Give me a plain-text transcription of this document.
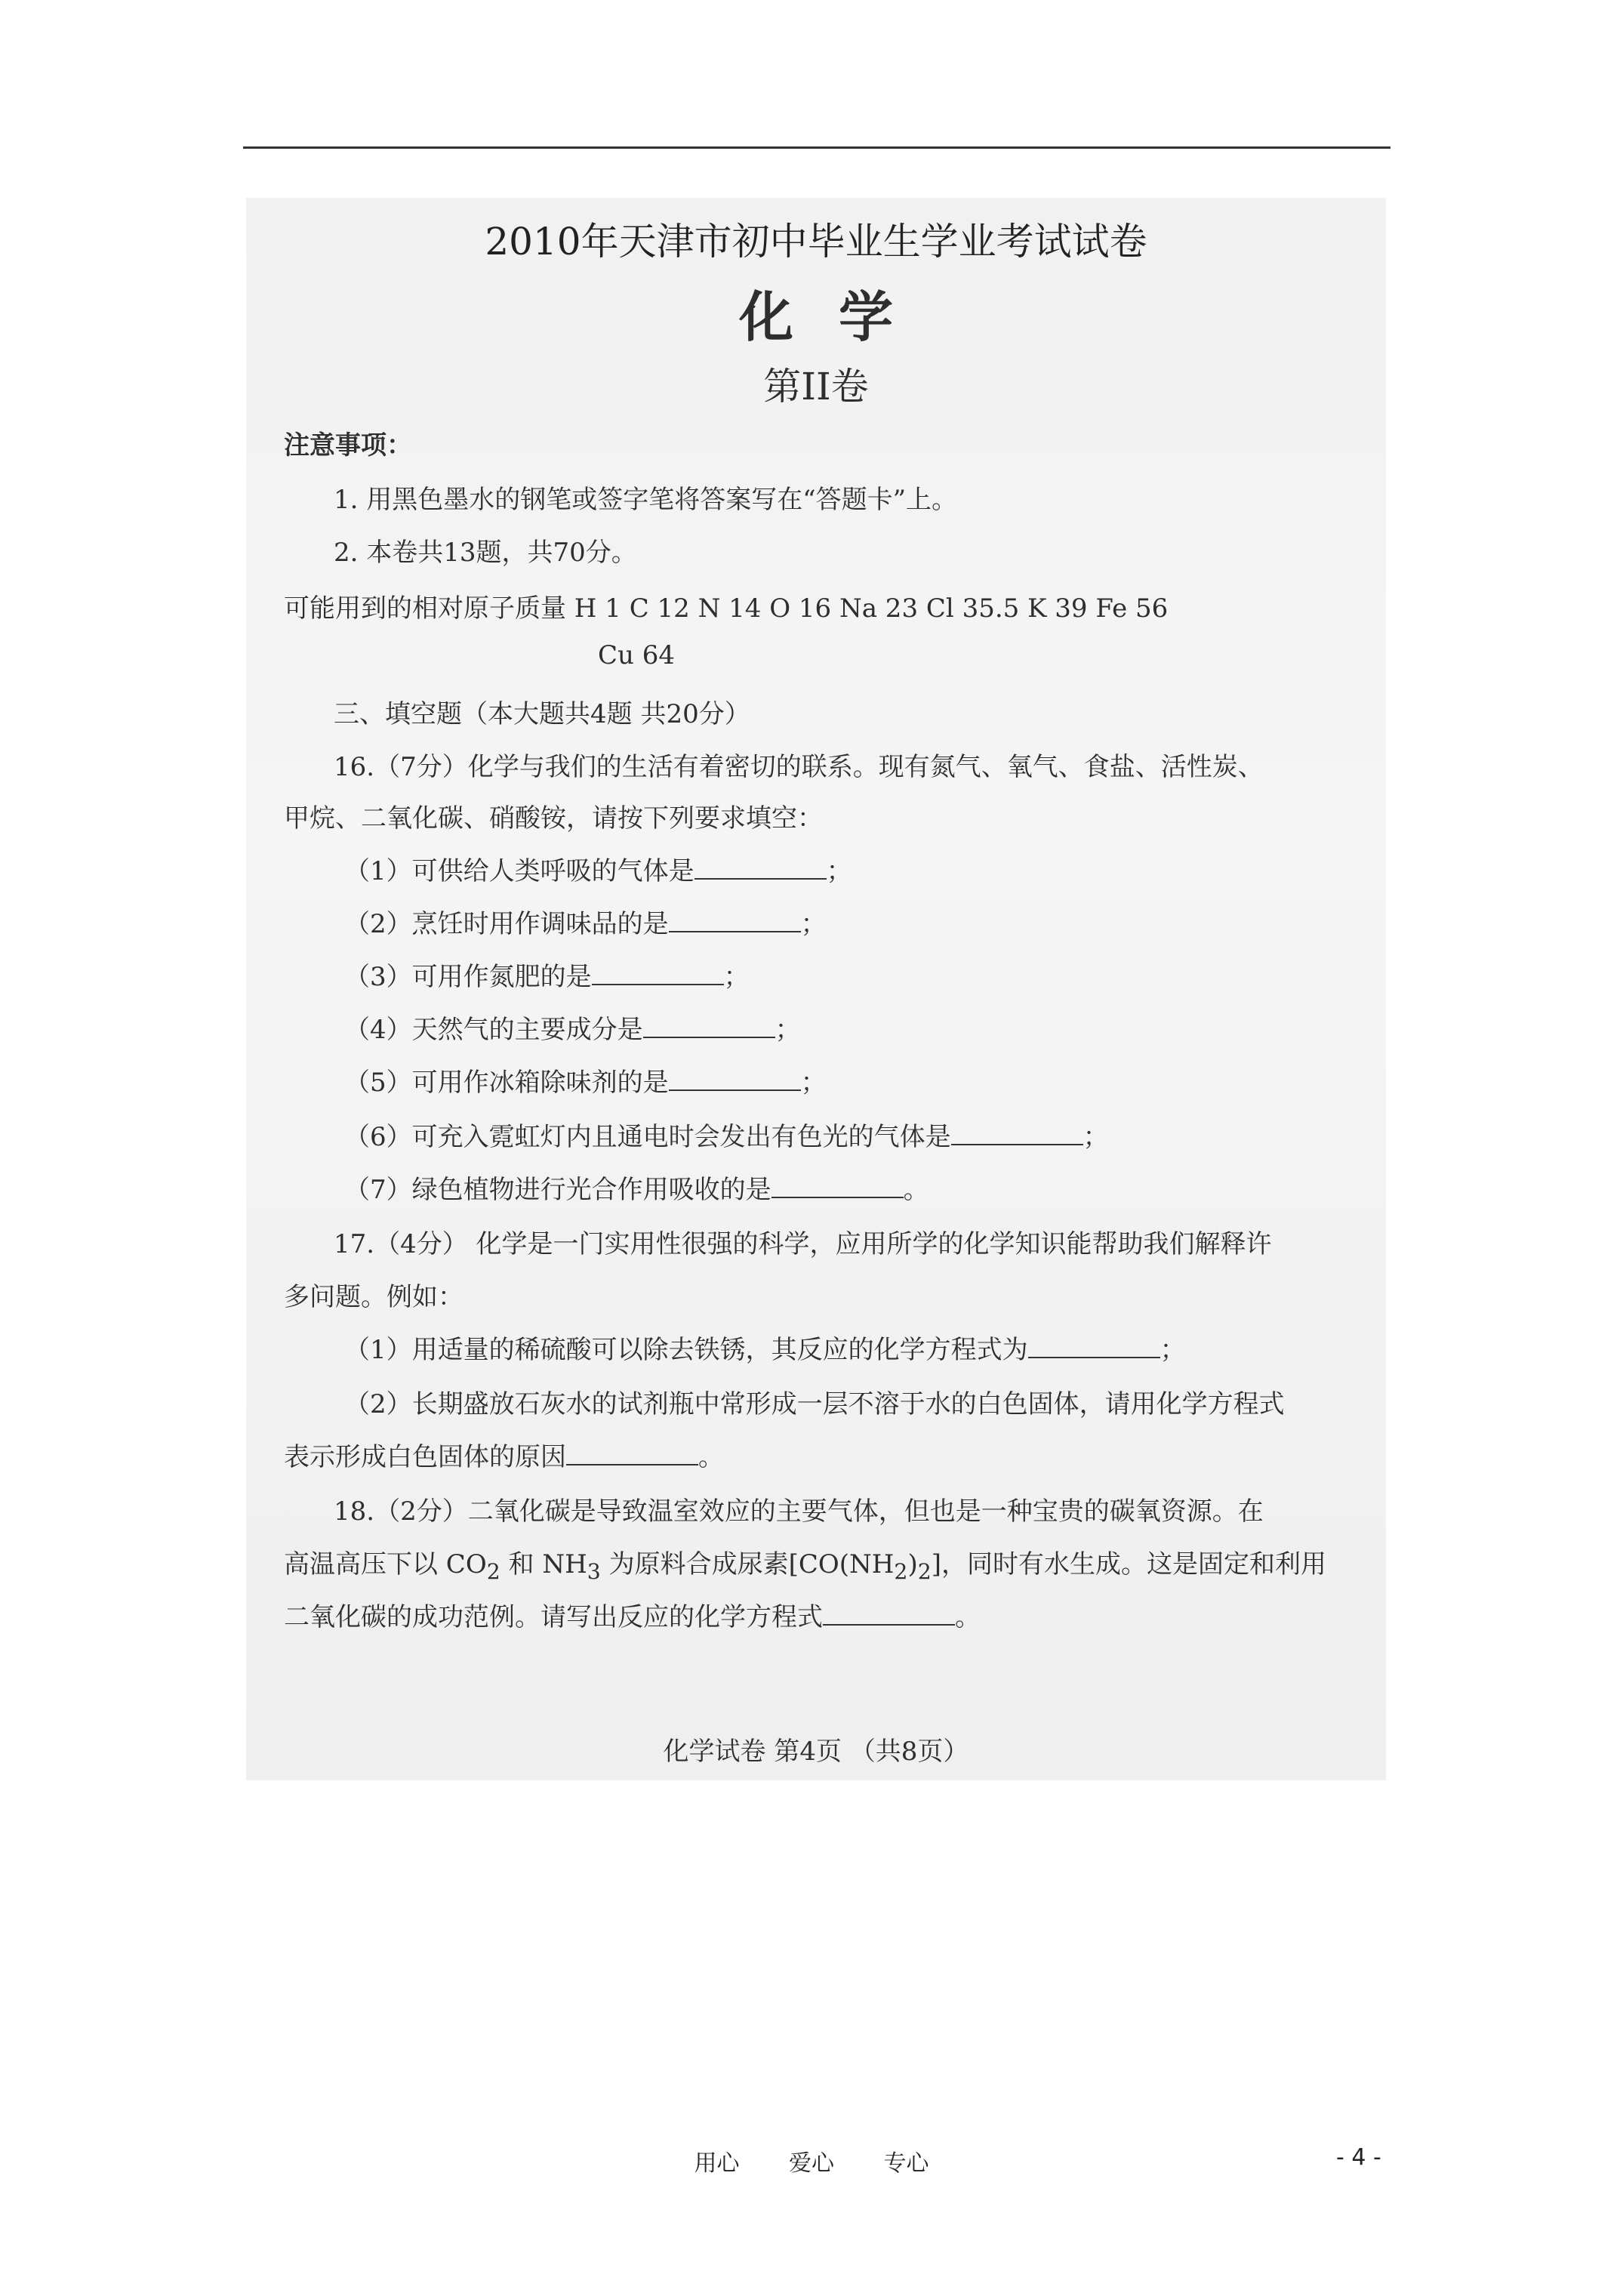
2010年天津市初中毕业生学业考试试卷
化学
第II卷
注意事项：
1. 用黑色墨水的钢笔或签字笔将答案写在“答题卡”上。
2. 本卷共13题，共70分。
可能用到的相对原子质量 H 1 C 12 N 14 O 16 Na 23 Cl 35.5 K 39 Fe 56
Cu 64
三、填空题（本大题共4题 共20分）
16.（7分）化学与我们的生活有着密切的联系。现有氮气、氧气、食盐、活性炭、
甲烷、二氧化碳、硝酸铵，请按下列要求填空：
（1）可供给人类呼吸的气体是	；
（2）烹饪时用作调味品的是	；
（3）可用作氮肥的是	；
（4）天然气的主要成分是	；
（5）可用作冰箱除味剂的是	；
（6）可充入霓虹灯内且通电时会发出有色光的气体是	；
（7）绿色植物进行光合作用吸收的是	。
17.（4分） 化学是一门实用性很强的科学，应用所学的化学知识能帮助我们解释许
多问题。例如：
（1）用适量的稀硫酸可以除去铁锈，其反应的化学方程式为	；
（2）长期盛放石灰水的试剂瓶中常形成一层不溶于水的白色固体，请用化学方程式
表示形成白色固体的原因	。
18.（2分）二氧化碳是导致温室效应的主要气体，但也是一种宝贵的碳氧资源。在
高温高压下以 $CO_2$ 和 $NH_3$ 为原料合成尿素$[CO(NH_2)_2]$，同时有水生成。这是固定和利用
二氧化碳的成功范例。请写出反应的化学方程式	。
化学试卷 第4页 （共8页）
用心 爱心 专心	- 4 -
